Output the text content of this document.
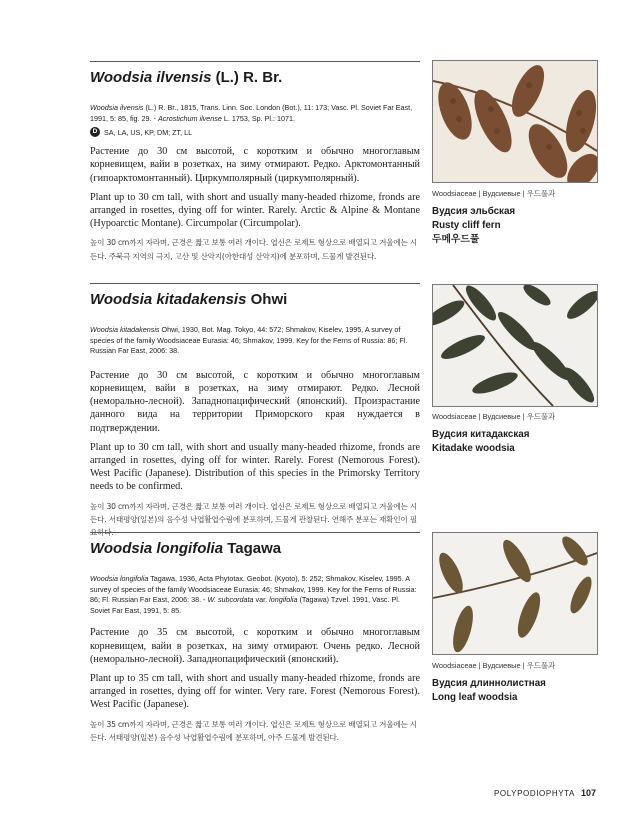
Woodsia ilvensis (L.) R. Br.
Woodsia ilvensis (L.) R. Br., 1815, Trans. Linn. Soc. London (Bot.), 11: 173; Vasc. Pl. Soviet Far East, 1991, 5: 85, fig. 29. - Acrostichum ilvense L. 1753, Sp. Pl.: 1071.
D SA, LA, US, KP, DM; ZT, LL
Растение до 30 см высотой, с коротким и обычно многоглавым корневищем, вайи в розетках, на зиму отмирают. Редко. Арктомонтанный (гипоарктомонтанный). Циркумполярный (циркумполярный).
Plant up to 30 cm tall, with short and usually many-headed rhizome, fronds are arranged in rosettes, dying off for winter. Rarely. Arctic & Alpine & Montane (Hypoarctic Montane). Circumpolar (Circumpolar).
높이 30 cm까지 자라며, 근경은 짧고 보통 여러 개이다. 엽신은 로제트 형상으로 배열되고 겨울에는 시든다. 주북극 지역의 극지, 고산 및 산악지(아한대성 산악지)에 분포하며, 드물게 발견된다.
Woodsia kitadakensis Ohwi
Woodsia kitadakensis Ohwi, 1930, Bot. Mag. Tokyo, 44: 572; Shmakov, Kiselev, 1995, A survey of species of the family Woodsiaceae Eurasia: 46; Shmakov, 1999. Key for the Ferns of Russia: 86; Fl. Russian Far East, 2006: 38.
Растение до 30 см высотой, с коротким и обычно многоглавым корневищем, вайи в розетках, на зиму отмирают. Редко. Лесной (неморально-лесной). Западнопацифический (японский). Произрастание данного вида на территории Приморского края нуждается в подтверждении.
Plant up to 30 cm tall, with short and usually many-headed rhizome, fronds are arranged in rosettes, dying off for winter. Rarely. Forest (Nemorous Forest). West Pacific (Japanese). Distribution of this species in the Primorsky Territory needs to be confirmed.
높이 30 cm까지 자라며, 근경은 짧고 보통 여러 개이다. 엽신은 로제트 형상으로 배열되고 겨울에는 시든다. 서태평양(일본)의 음수성 낙엽활엽수림에 분포하며, 드물게 관찰된다. 연해주 분포는 재확인이 필요하다.
Woodsia longifolia Tagawa
Woodsia longifolia Tagawa, 1936, Acta Phytotax. Geobot. (Kyoto), 5: 252; Shmakov, Kiselev, 1995. A survey of species of the family Woodsiaceae Eurasia: 46; Shmakov, 1999. Key for the Ferns of Russia: 86; Fl. Russian Far East, 2006: 38. - W. subcordata var. longifolia (Tagawa) Tzvel. 1991, Vasc. Pl. Soviet Far East, 1991, 5: 85.
Растение до 35 см высотой, с коротким и обычно многоглавым корневищем, вайи в розетках, на зиму отмирают. Очень редко. Лесной (неморально-лесной). Западнопацифический (японский).
Plant up to 35 cm tall, with short and usually many-headed rhizome, fronds are arranged in rosettes, dying off for winter. Very rare. Forest (Nemorous Forest). West Pacific (Japanese).
높이 35 cm까지 자라며, 근경은 짧고 보통 여러 개이다. 엽신은 로제트 형상으로 배열되고 겨울에는 시든다. 서태평양(일본) 음수성 낙엽활엽수림에 분포하며, 아주 드물게 발견된다.
Woodsiaceae | Вудсиевые | 우드풀과
Вудсия эльбская
Rusty cliff fern
두메우드풀
Woodsiaceae | Вудсиевые | 우드풀과
Вудсия китадакская
Kitadake woodsia
Woodsiaceae | Вудсиевые | 우드풀과
Вудсия длиннолистная
Long leaf woodsia
POLYPODIOPHYTA 107
